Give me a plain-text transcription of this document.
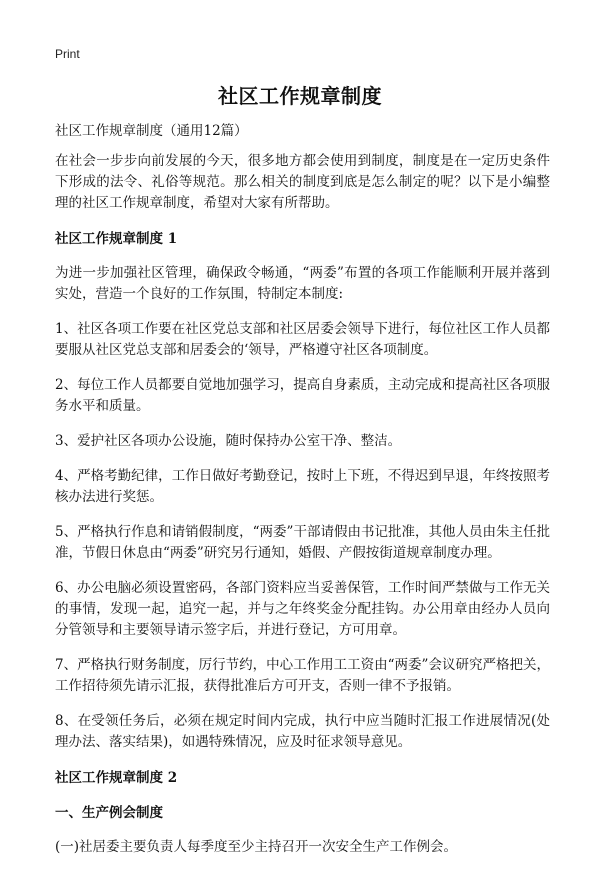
Print
社区工作规章制度

社区工作规章制度（通用12篇）

在社会一步步向前发展的今天，很多地方都会使用到制度，制度是在一定历史条件下形成的法令、礼俗等规范。那么相关的制度到底是怎么制定的呢？以下是小编整理的社区工作规章制度，希望对大家有所帮助。

社区工作规章制度 1

为进一步加强社区管理，确保政令畅通，“两委”布置的各项工作能顺利开展并落到实处，营造一个良好的工作氛围，特制定本制度:

1、社区各项工作要在社区党总支部和社区居委会领导下进行，每位社区工作人员都要服从社区党总支部和居委会的‘领导，严格遵守社区各项制度。

2、每位工作人员都要自觉地加强学习，提高自身素质，主动完成和提高社区各项服务水平和质量。

3、爱护社区各项办公设施，随时保持办公室干净、整洁。

4、严格考勤纪律，工作日做好考勤登记，按时上下班，不得迟到早退，年终按照考核办法进行奖惩。

5、严格执行作息和请销假制度，“两委”干部请假由书记批准，其他人员由朱主任批准，节假日休息由“两委”研究另行通知，婚假、产假按街道规章制度办理。

6、办公电脑必须设置密码，各部门资料应当妥善保管，工作时间严禁做与工作无关的事情，发现一起，追究一起，并与之年终奖金分配挂钩。办公用章由经办人员向分管领导和主要领导请示签字后，并进行登记，方可用章。

7、严格执行财务制度，厉行节约，中心工作用工工资由“两委”会议研究严格把关，工作招待须先请示汇报，获得批准后方可开支，否则一律不予报销。

8、在受领任务后，必须在规定时间内完成，执行中应当随时汇报工作进展情况(处理办法、落实结果)，如遇特殊情况，应及时征求领导意见。

社区工作规章制度 2

一、生产例会制度

(一)社居委主要负责人每季度至少主持召开一次安全生产工作例会。
